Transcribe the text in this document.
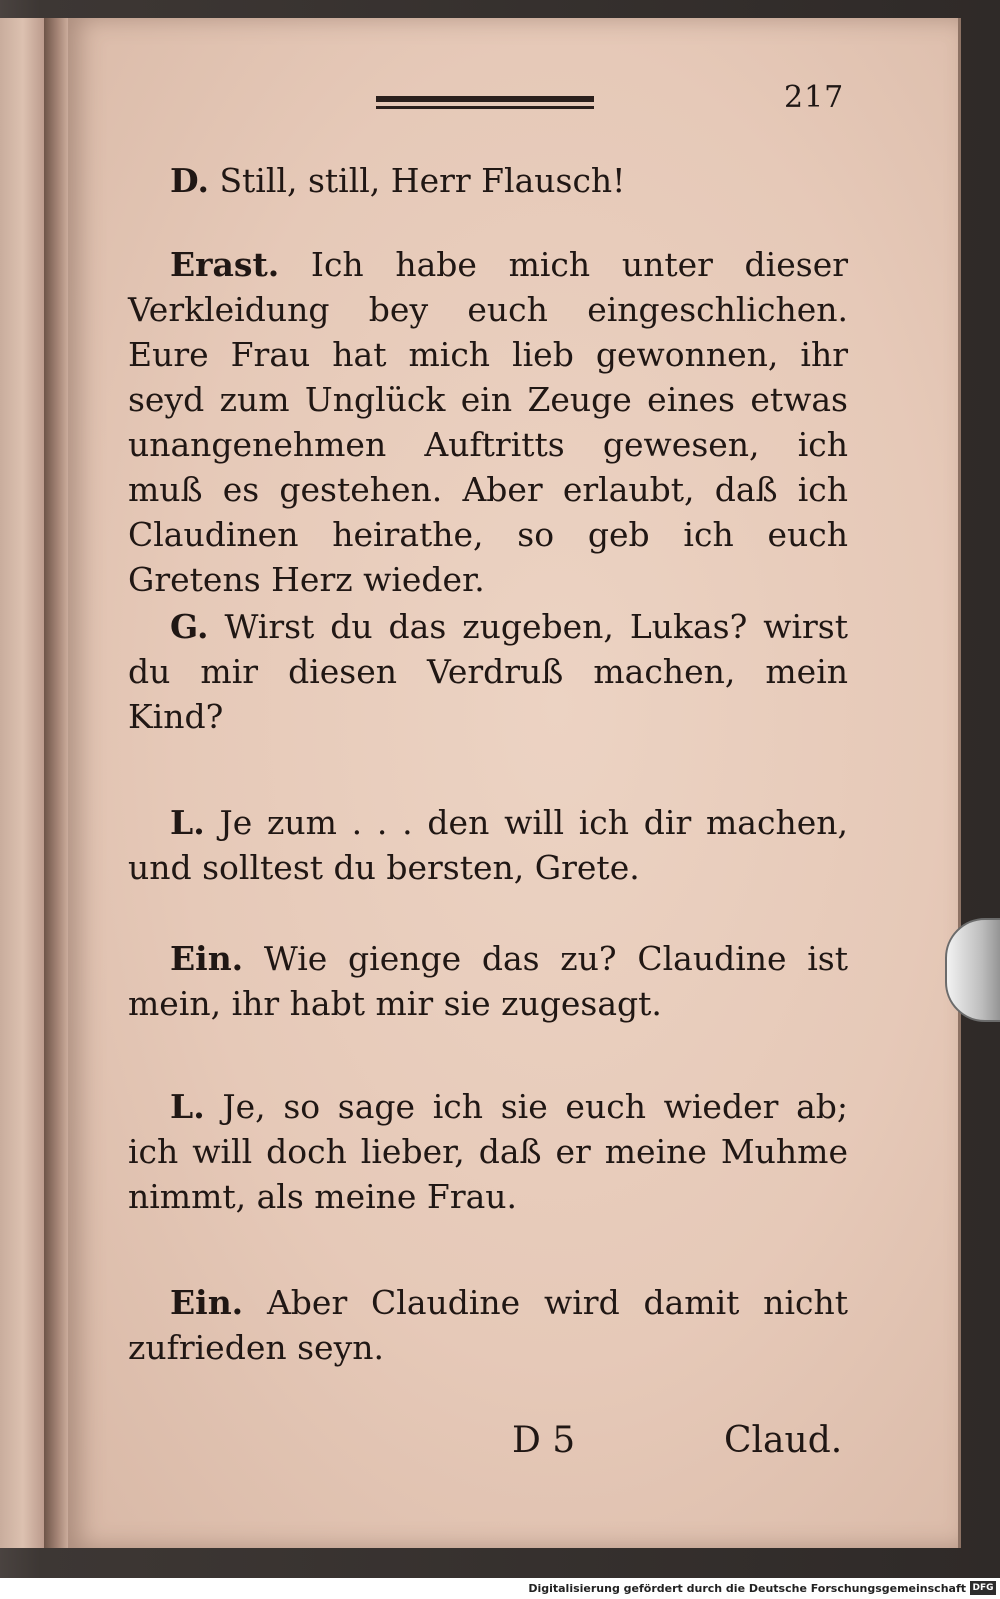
217
D. Still, still, Herr Flausch!
Erast. Ich habe mich unter dieser Verkleidung bey euch eingeschlichen. Eure Frau hat mich lieb gewonnen, ihr seyd zum Unglück ein Zeuge eines etwas unangenehmen Auftritts gewesen, ich muß es gestehen. Aber erlaubt, daß ich Claudinen heirathe, so geb ich euch Gretens Herz wieder.
G. Wirst du das zugeben, Lukas? wirst du mir diesen Verdruß machen, mein Kind?
L. Je zum . . . den will ich dir machen, und solltest du bersten, Grete.
Ein. Wie gienge das zu? Claudine ist mein, ihr habt mir sie zugesagt.
L. Je, so sage ich sie euch wieder ab; ich will doch lieber, daß er meine Muhme nimmt, als meine Frau.
Ein. Aber Claudine wird damit nicht zufrieden seyn.
D 5	Claud.
Digitalisierung gefördert durch die Deutsche Forschungsgemeinschaft DFG
